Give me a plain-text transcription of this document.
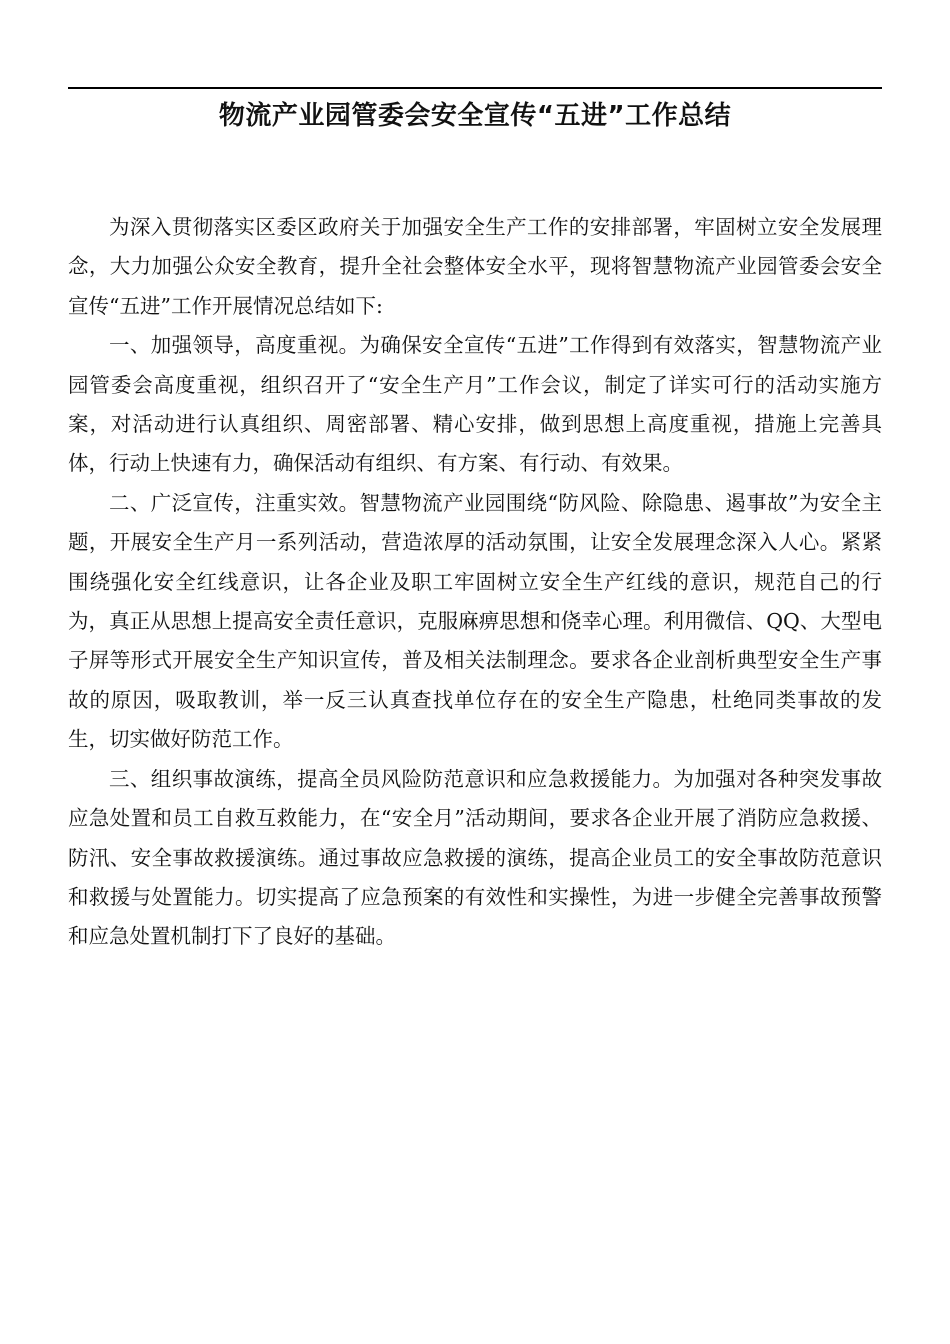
物流产业园管委会安全宣传“五进”工作总结

为深入贯彻落实区委区政府关于加强安全生产工作的安排部署，牢固树立安全发展理念，大力加强公众安全教育，提升全社会整体安全水平，现将智慧物流产业园管委会安全宣传“五进”工作开展情况总结如下:

一、加强领导，高度重视。为确保安全宣传“五进”工作得到有效落实，智慧物流产业园管委会高度重视，组织召开了“安全生产月”工作会议，制定了详实可行的活动实施方案，对活动进行认真组织、周密部署、精心安排，做到思想上高度重视，措施上完善具体，行动上快速有力，确保活动有组织、有方案、有行动、有效果。

二、广泛宣传，注重实效。智慧物流产业园围绕“防风险、除隐患、遏事故”为安全主题，开展安全生产月一系列活动，营造浓厚的活动氛围，让安全发展理念深入人心。紧紧围绕强化安全红线意识，让各企业及职工牢固树立安全生产红线的意识，规范自己的行为，真正从思想上提高安全责任意识，克服麻痹思想和侥幸心理。利用微信、QQ、大型电子屏等形式开展安全生产知识宣传，普及相关法制理念。要求各企业剖析典型安全生产事故的原因，吸取教训，举一反三认真查找单位存在的安全生产隐患，杜绝同类事故的发生，切实做好防范工作。

三、组织事故演练，提高全员风险防范意识和应急救援能力。为加强对各种突发事故应急处置和员工自救互救能力，在“安全月”活动期间，要求各企业开展了消防应急救援、防汛、安全事故救援演练。通过事故应急救援的演练，提高企业员工的安全事故防范意识和救援与处置能力。切实提高了应急预案的有效性和实操性，为进一步健全完善事故预警和应急处置机制打下了良好的基础。
